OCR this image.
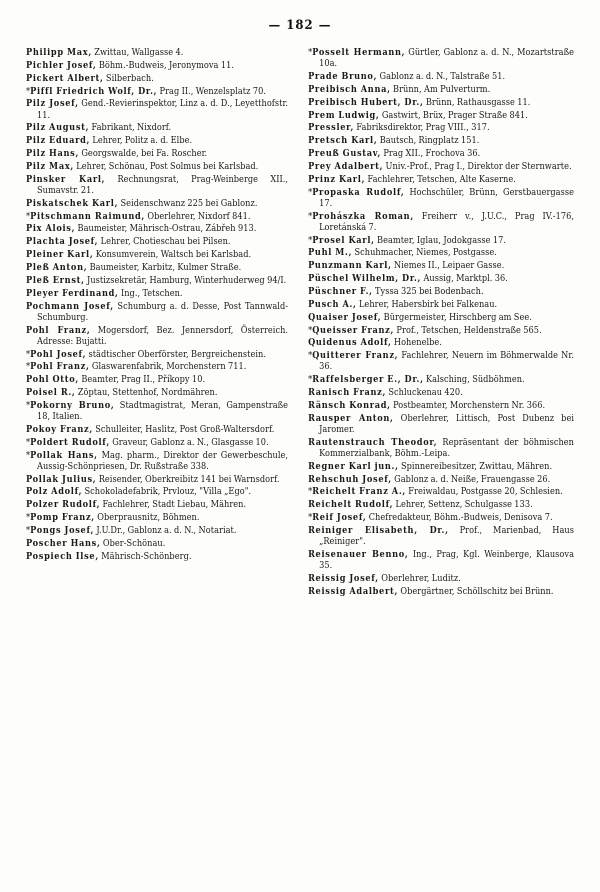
— 182 —

Philipp Max, Zwittau, Wallgasse 4.

Pichler Josef, Böhm.-Budweis, Jeronymova 11.

Pickert Albert, Silberbach.

*Piffl Friedrich Wolf, Dr., Prag II., Wenzelsplatz 70.

Pilz Josef, Gend.-Revierinspektor, Linz a. d. D., Leyetthofstr. 11.

Pilz August, Fabrikant, Nixdorf.

Pilz Eduard, Lehrer, Politz a. d. Elbe.

Pilz Hans, Georgswalde, bei Fa. Roscher.

Pilz Max, Lehrer, Schönau, Post Solmus bei Karlsbad.

Pinsker Karl, Rechnungsrat, Prag-Weinberge XII., Sumavstr. 21.

Piskatschek Karl, Seidenschwanz 225 bei Gablonz.

*Pitschmann Raimund, Oberlehrer, Nixdorf 841.

Pix Alois, Baumeister, Mährisch-Ostrau, Zábřeh 913.

Plachta Josef, Lehrer, Chotieschau bei Pilsen.

Pleiner Karl, Konsumverein, Waltsch bei Karlsbad.

Pleß Anton, Baumeister, Karbitz, Kulmer Straße.

Pleß Ernst, Justizsekretär, Hamburg, Winterhuderweg 94/I.

Pleyer Ferdinand, Ing., Tetschen.

Pochmann Josef, Schumburg a. d. Desse, Post Tannwald-Schumburg.

Pohl Franz, Mogersdorf, Bez. Jennersdorf, Österreich. Adresse: Bujatti.

*Pohl Josef, städtischer Oberförster, Bergreichenstein.

*Pohl Franz, Glaswarenfabrik, Morchenstern 711.

Pohl Otto, Beamter, Prag II., Příkopy 10.

Poisel R., Zöptau, Stettenhof, Nordmähren.

*Pokorny Bruno, Stadtmagistrat, Meran, Gampenstraße 18, Italien.

Pokoy Franz, Schulleiter, Haslitz, Post Groß-Waltersdorf.

*Poldert Rudolf, Graveur, Gablonz a. N., Glasgasse 10.

*Pollak Hans, Mag. pharm., Direktor der Gewerbeschule, Aussig-Schönpriesen, Dr. Rußstraße 338.

Pollak Julius, Reisender, Oberkreibitz 141 bei Warnsdorf.

Polz Adolf, Schokoladefabrik, Prvlouz, "Villa „Ego".

Polzer Rudolf, Fachlehrer, Stadt Liebau, Mähren.

*Pomp Franz, Oberprausnitz, Böhmen.

*Pongs Josef, J.U.Dr., Gablonz a. d. N., Notariat.

Poscher Hans, Ober-Schönau.

Pospiech Ilse, Mährisch-Schönberg.

*Posselt Hermann, Gürtler, Gablonz a. d. N., Mozartstraße 10a.

Prade Bruno, Gablonz a. d. N., Talstraße 51.

Preibisch Anna, Brünn, Am Pulverturm.

Preibisch Hubert, Dr., Brünn, Rathausgasse 11.

Prem Ludwig, Gastwirt, Brüx, Prager Straße 841.

Pressler, Fabriksdirektor, Prag VIII., 317.

Pretsch Karl, Bautsch, Ringplatz 151.

Preuß Gustav, Prag XII., Frochova 36.

Prey Adalbert, Univ.-Prof., Prag I., Direktor der Sternwarte.

Prinz Karl, Fachlehrer, Tetschen, Alte Kaserne.

*Propaska Rudolf, Hochschüler, Brünn, Gerstbauergasse 17.

*Prohászka Roman, Freiherr v., J.U.C., Prag IV.-176, Loretánská 7.

*Prosel Karl, Beamter, Iglau, Jodokgasse 17.

Puhl M., Schuhmacher, Niemes, Postgasse.

Punzmann Karl, Niemes II., Leipaer Gasse.

Püschel Wilhelm, Dr., Aussig, Marktpl. 36.

Püschner F., Tyssa 325 bei Bodenbach.

Pusch A., Lehrer, Habersbirk bei Falkenau.

Quaiser Josef, Bürgermeister, Hirschberg am See.

*Queisser Franz, Prof., Tetschen, Heldenstraße 565.

Quidenus Adolf, Hohenelbe.

*Quitterer Franz, Fachlehrer, Neuern im Böhmerwalde Nr. 36.

*Raffelsberger E., Dr., Kalsching, Südböhmen.

Ranisch Franz, Schluckenau 420.

Ränsch Konrad, Postbeamter, Morchenstern Nr. 366.

Rausper Anton, Oberlehrer, Littisch, Post Dubenz bei Jaromer.

Rautenstrauch Theodor, Repräsentant der böhmischen Kommerzialbank, Böhm.-Leipa.

Regner Karl jun., Spinnereibesitzer, Zwittau, Mähren.

Rehschuh Josef, Gablonz a. d. Neiße, Frauengasse 26.

*Reichelt Franz A., Freiwaldau, Postgasse 20, Schlesien.

Reichelt Rudolf, Lehrer, Settenz, Schulgasse 133.

*Reif Josef, Chefredakteur, Böhm.-Budweis, Denisova 7.

Reiniger Elisabeth, Dr., Prof., Marienbad, Haus „Reiniger".

Reisenauer Benno, Ing., Prag, Kgl. Weinberge, Klausova 35.

Reissig Josef, Oberlehrer, Luditz.

Reissig Adalbert, Obergärtner, Schöllschitz bei Brünn.
